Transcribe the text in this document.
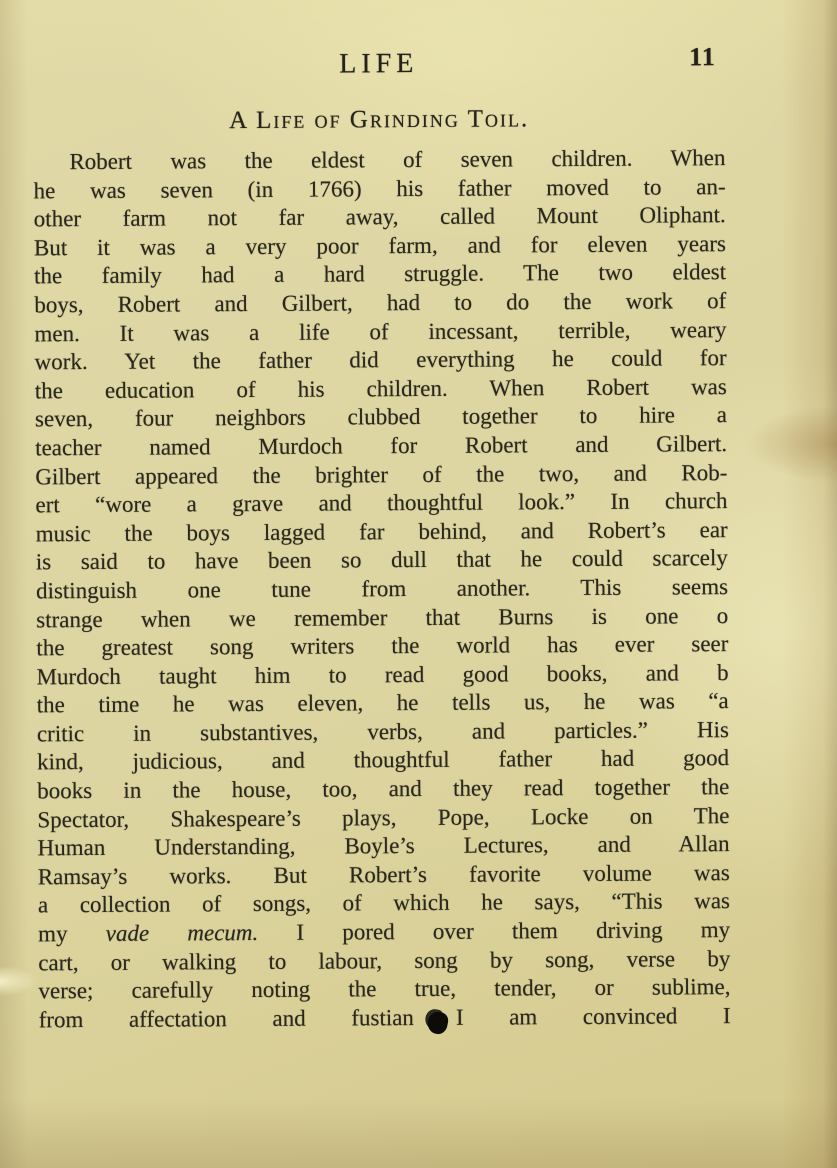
LIFE	11
A Life of Grinding Toil.
Robert was the eldest of seven children. When
he was seven (in 1766) his father moved to an-
other farm not far away, called Mount Oliphant.
But it was a very poor farm, and for eleven years
the family had a hard struggle. The two eldest
boys, Robert and Gilbert, had to do the work of
men. It was a life of incessant, terrible, weary
work. Yet the father did everything he could for
the education of his children. When Robert was
seven, four neighbors clubbed together to hire a
teacher named Murdoch for Robert and Gilbert.
Gilbert appeared the brighter of the two, and Rob-
ert “wore a grave and thoughtful look.” In church
music the boys lagged far behind, and Robert’s ear
is said to have been so dull that he could scarcely
distinguish one tune from another. This seems
strange when we remember that Burns is one o
the greatest song writers the world has ever seer
Murdoch taught him to read good books, and b
the time he was eleven, he tells us, he was “a
critic in substantives, verbs, and particles.” His
kind, judicious, and thoughtful father had good
books in the house, too, and they read together the
Spectator, Shakespeare’s plays, Pope, Locke on The
Human Understanding, Boyle’s Lectures, and Allan
Ramsay’s works. But Robert’s favorite volume was
a collection of songs, of which he says, “This was
my vade mecum. I pored over them driving my
cart, or walking to labour, song by song, verse by
verse; carefully noting the true, tender, or sublime,
from affectation and fustian I am convinced I
